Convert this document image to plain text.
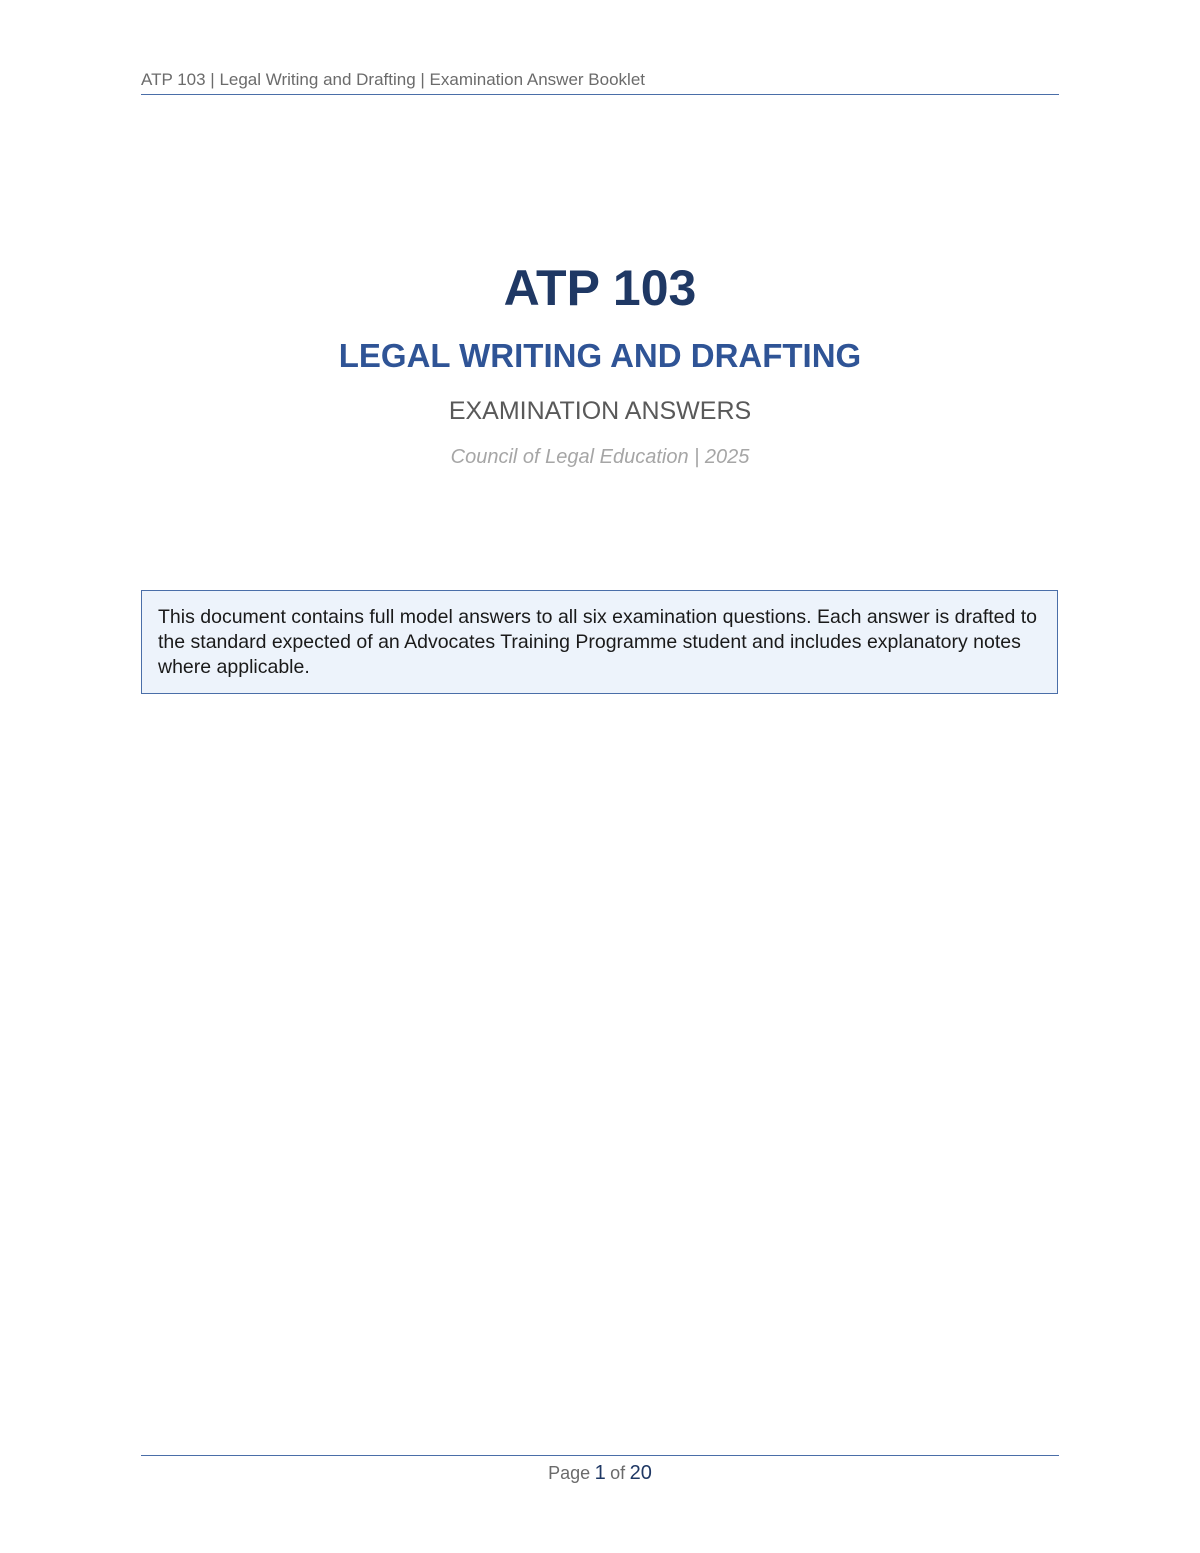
ATP 103 | Legal Writing and Drafting | Examination Answer Booklet
ATP 103
LEGAL WRITING AND DRAFTING
EXAMINATION ANSWERS
Council of Legal Education | 2025

This document contains full model answers to all six examination questions. Each answer is drafted to the standard expected of an Advocates Training Programme student and includes explanatory notes where applicable.

Page 1 of 20
